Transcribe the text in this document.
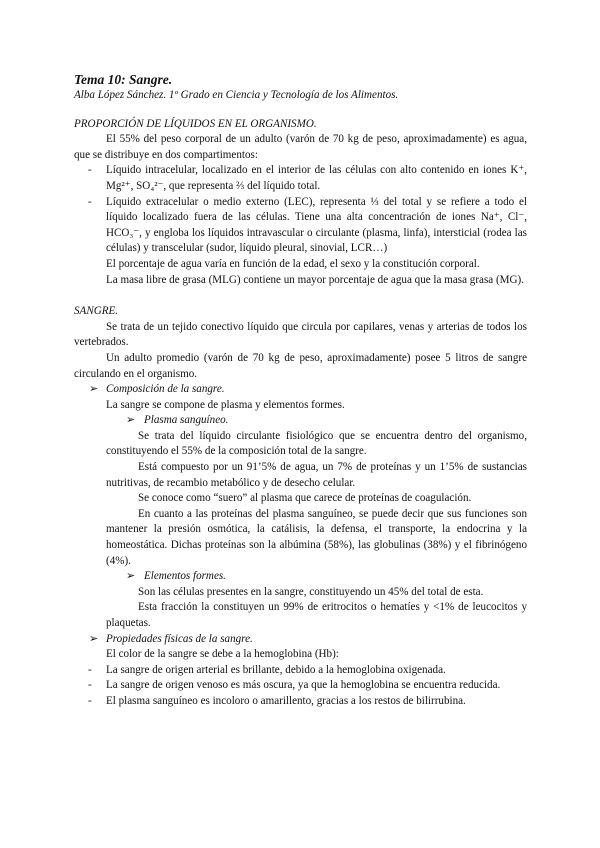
Tema 10: Sangre.

Alba López Sánchez. 1º Grado en Ciencia y Tecnología de los Alimentos.

PROPORCIÓN DE LÍQUIDOS EN EL ORGANISMO.

El 55% del peso corporal de un adulto (varón de 70 kg de peso, aproximadamente) es agua, que se distribuye en dos compartimentos:

- Líquido intracelular, localizado en el interior de las células con alto contenido en iones K⁺, Mg²⁺, SO₄²⁻, que representa ⅔ del líquido total.
- Líquido extracelular o medio externo (LEC), representa ⅓ del total y se refiere a todo el líquido localizado fuera de las células. Tiene una alta concentración de iones Na⁺, Cl⁻, HCO₃⁻, y engloba los líquidos intravascular o circulante (plasma, linfa), intersticial (rodea las células) y transcelular (sudor, líquido pleural, sinovial, LCR…)

El porcentaje de agua varía en función de la edad, el sexo y la constitución corporal.

La masa libre de grasa (MLG) contiene un mayor porcentaje de agua que la masa grasa (MG).

SANGRE.

Se trata de un tejido conectivo líquido que circula por capilares, venas y arterias de todos los vertebrados.

Un adulto promedio (varón de 70 kg de peso, aproximadamente) posee 5 litros de sangre circulando en el organismo.

➢ Composición de la sangre.

La sangre se compone de plasma y elementos formes.

➢ Plasma sanguíneo.

Se trata del líquido circulante fisiológico que se encuentra dentro del organismo, constituyendo el 55% de la composición total de la sangre.

Está compuesto por un 91’5% de agua, un 7% de proteínas y un 1’5% de sustancias nutritivas, de recambio metabólico y de desecho celular.

Se conoce como “suero” al plasma que carece de proteínas de coagulación.

En cuanto a las proteínas del plasma sanguíneo, se puede decir que sus funciones son mantener la presión osmótica, la catálisis, la defensa, el transporte, la endocrina y la homeostática. Dichas proteínas son la albúmina (58%), las globulinas (38%) y el fibrinógeno (4%).

➢ Elementos formes.

Son las células presentes en la sangre, constituyendo un 45% del total de esta.

Esta fracción la constituyen un 99% de eritrocitos o hematíes y <1% de leucocitos y plaquetas.

➢ Propiedades físicas de la sangre.

El color de la sangre se debe a la hemoglobina (Hb):

- La sangre de origen arterial es brillante, debido a la hemoglobina oxigenada.
- La sangre de origen venoso es más oscura, ya que la hemoglobina se encuentra reducida.
- El plasma sanguíneo es incoloro o amarillento, gracias a los restos de bilirrubina.
